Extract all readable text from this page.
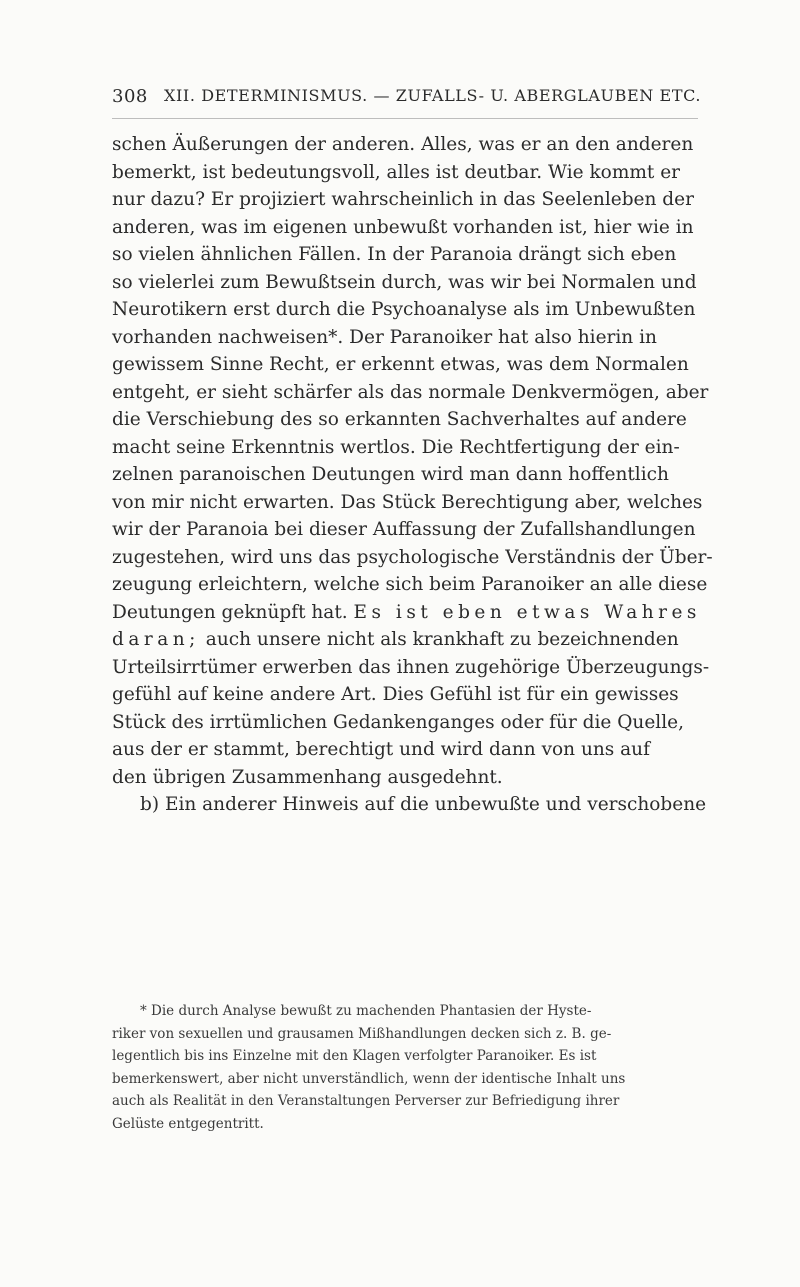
308 XII. DETERMINISMUS. — ZUFALLS- U. ABERGLAUBEN ETC.
schen Äußerungen der anderen. Alles, was er an den anderen
bemerkt, ist bedeutungsvoll, alles ist deutbar. Wie kommt er
nur dazu? Er projiziert wahrscheinlich in das Seelenleben der
anderen, was im eigenen unbewußt vorhanden ist, hier wie in
so vielen ähnlichen Fällen. In der Paranoia drängt sich eben
so vielerlei zum Bewußtsein durch, was wir bei Normalen und
Neurotikern erst durch die Psychoanalyse als im Unbewußten
vorhanden nachweisen*. Der Paranoiker hat also hierin in
gewissem Sinne Recht, er erkennt etwas, was dem Normalen
entgeht, er sieht schärfer als das normale Denkvermögen, aber
die Verschiebung des so erkannten Sachverhaltes auf andere
macht seine Erkenntnis wertlos. Die Rechtfertigung der ein-
zelnen paranoischen Deutungen wird man dann hoffentlich
von mir nicht erwarten. Das Stück Berechtigung aber, welches
wir der Paranoia bei dieser Auffassung der Zufallshandlungen
zugestehen, wird uns das psychologische Verständnis der Über-
zeugung erleichtern, welche sich beim Paranoiker an alle diese
Deutungen geknüpft hat. Es ist eben etwas Wahres
daran; auch unsere nicht als krankhaft zu bezeichnenden
Urteilsirrtümer erwerben das ihnen zugehörige Überzeugungs-
gefühl auf keine andere Art. Dies Gefühl ist für ein gewisses
Stück des irrtümlichen Gedankenganges oder für die Quelle,
aus der er stammt, berechtigt und wird dann von uns auf
den übrigen Zusammenhang ausgedehnt.
b) Ein anderer Hinweis auf die unbewußte und verschobene
* Die durch Analyse bewußt zu machenden Phantasien der Hyste-
riker von sexuellen und grausamen Mißhandlungen decken sich z. B. ge-
legentlich bis ins Einzelne mit den Klagen verfolgter Paranoiker. Es ist
bemerkenswert, aber nicht unverständlich, wenn der identische Inhalt uns
auch als Realität in den Veranstaltungen Perverser zur Befriedigung ihrer
Gelüste entgegentritt.
